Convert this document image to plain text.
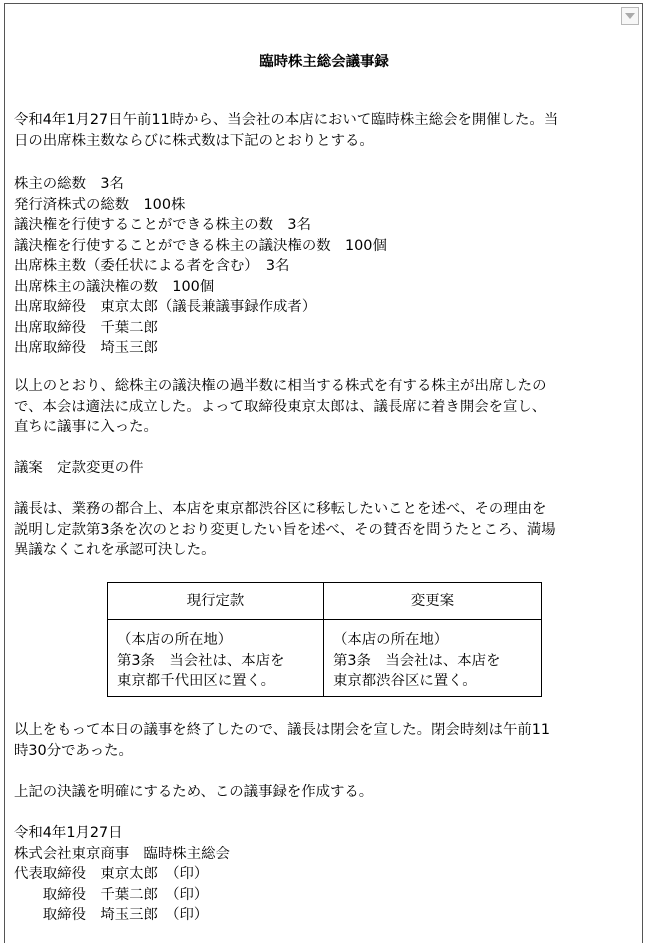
臨時株主総会議事録
令和4年1月27日午前11時から、当会社の本店において臨時株主総会を開催した。当
日の出席株主数ならびに株式数は下記のとおりとする。
株主の総数　3名
発行済株式の総数　100株
議決権を行使することができる株主の数　3名
議決権を行使することができる株主の議決権の数　100個
出席株主数（委任状による者を含む）　3名
出席株主の議決権の数　100個
出席取締役　東京太郎（議長兼議事録作成者）
出席取締役　千葉二郎
出席取締役　埼玉三郎
以上のとおり、総株主の議決権の過半数に相当する株式を有する株主が出席したの
で、本会は適法に成立した。よって取締役東京太郎は、議長席に着き開会を宣し、
直ちに議事に入った。
議案　定款変更の件
議長は、業務の都合上、本店を東京都渋谷区に移転したいことを述べ、その理由を
説明し定款第3条を次のとおり変更したい旨を述べ、その賛否を問うたところ、満場
異議なくこれを承認可決した。
現行定款	変更案

（本店の所在地）
第3条　当会社は、本店を
東京都千代田区に置く。	（本店の所在地）
第3条　当会社は、本店を
東京都渋谷区に置く。
以上をもって本日の議事を終了したので、議長は閉会を宣した。閉会時刻は午前11
時30分であった。
上記の決議を明確にするため、この議事録を作成する。
令和4年1月27日
株式会社東京商事　臨時株主総会
代表取締役　東京太郎　（印）
　　取締役　千葉二郎　（印）
　　取締役　埼玉三郎　（印）
